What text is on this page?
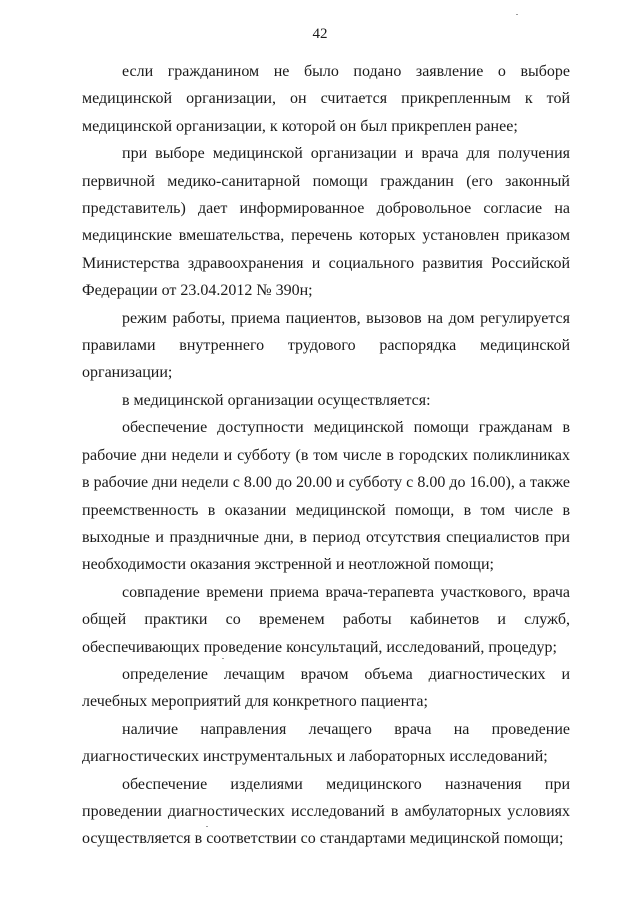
42

если гражданином не было подано заявление о выборе медицинской организации, он считается прикрепленным к той медицинской организации, к которой он был прикреплен ранее;

при выборе медицинской организации и врача для получения первичной медико-санитарной помощи гражданин (его законный представитель) дает информированное добровольное согласие на медицинские вмешательства, перечень которых установлен приказом Министерства здравоохранения и социального развития Российской Федерации от 23.04.2012 № 390н;

режим работы, приема пациентов, вызовов на дом регулируется правилами внутреннего трудового распорядка медицинской организации;

в медицинской организации осуществляется:

обеспечение доступности медицинской помощи гражданам в рабочие дни недели и субботу (в том числе в городских поликлиниках в рабочие дни недели с 8.00 до 20.00 и субботу с 8.00 до 16.00), а также преемственность в оказании медицинской помощи, в том числе в выходные и праздничные дни, в период отсутствия специалистов при необходимости оказания экстренной и неотложной помощи;

совпадение времени приема врача-терапевта участкового, врача общей практики со временем работы кабинетов и служб, обеспечивающих проведение консультаций, исследований, процедур;

определение лечащим врачом объема диагностических и лечебных мероприятий для конкретного пациента;

наличие направления лечащего врача на проведение диагностических инструментальных и лабораторных исследований;

обеспечение изделиями медицинского назначения при проведении диагностических исследований в амбулаторных условиях осуществляется в соответствии со стандартами медицинской помощи;
